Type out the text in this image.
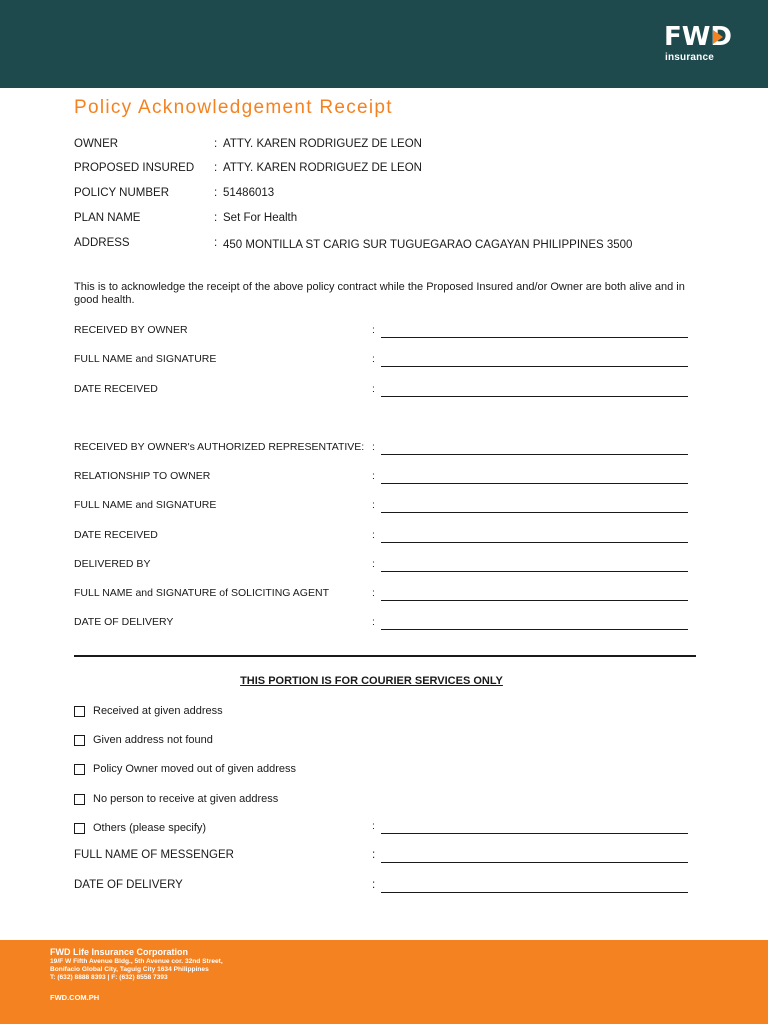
FWD
insurance
Policy Acknowledgement Receipt
OWNER	: ATTY. KAREN RODRIGUEZ DE LEON
PROPOSED INSURED	: ATTY. KAREN RODRIGUEZ DE LEON
POLICY NUMBER	: 51486013
PLAN NAME	: Set For Health
ADDRESS	: 450 MONTILLA ST CARIG SUR TUGUEGARAO CAGAYAN PHILIPPINES 3500
This is to acknowledge the receipt of the above policy contract while the Proposed Insured and/or Owner are both alive and in good health.
RECEIVED BY OWNER	:
FULL NAME and SIGNATURE	:
DATE RECEIVED	:
RECEIVED BY OWNER's AUTHORIZED REPRESENTATIVE: :
RELATIONSHIP TO OWNER	:
FULL NAME and SIGNATURE	:
DATE RECEIVED	:
DELIVERED BY	:
FULL NAME and SIGNATURE of SOLICITING AGENT	:
DATE OF DELIVERY	:
THIS PORTION IS FOR COURIER SERVICES ONLY
Received at given address
Given address not found
Policy Owner moved out of given address
No person to receive at given address
Others (please specify)	:
FULL NAME OF MESSENGER	:
DATE OF DELIVERY	:
FWD Life Insurance Corporation
19/F W Fifth Avenue Bldg., 5th Avenue cor. 32nd Street,
Bonifacio Global City, Taguig City 1634 Philippines
T: (632) 8888 8393 | F: (632) 8558 7393
FWD.COM.PH
